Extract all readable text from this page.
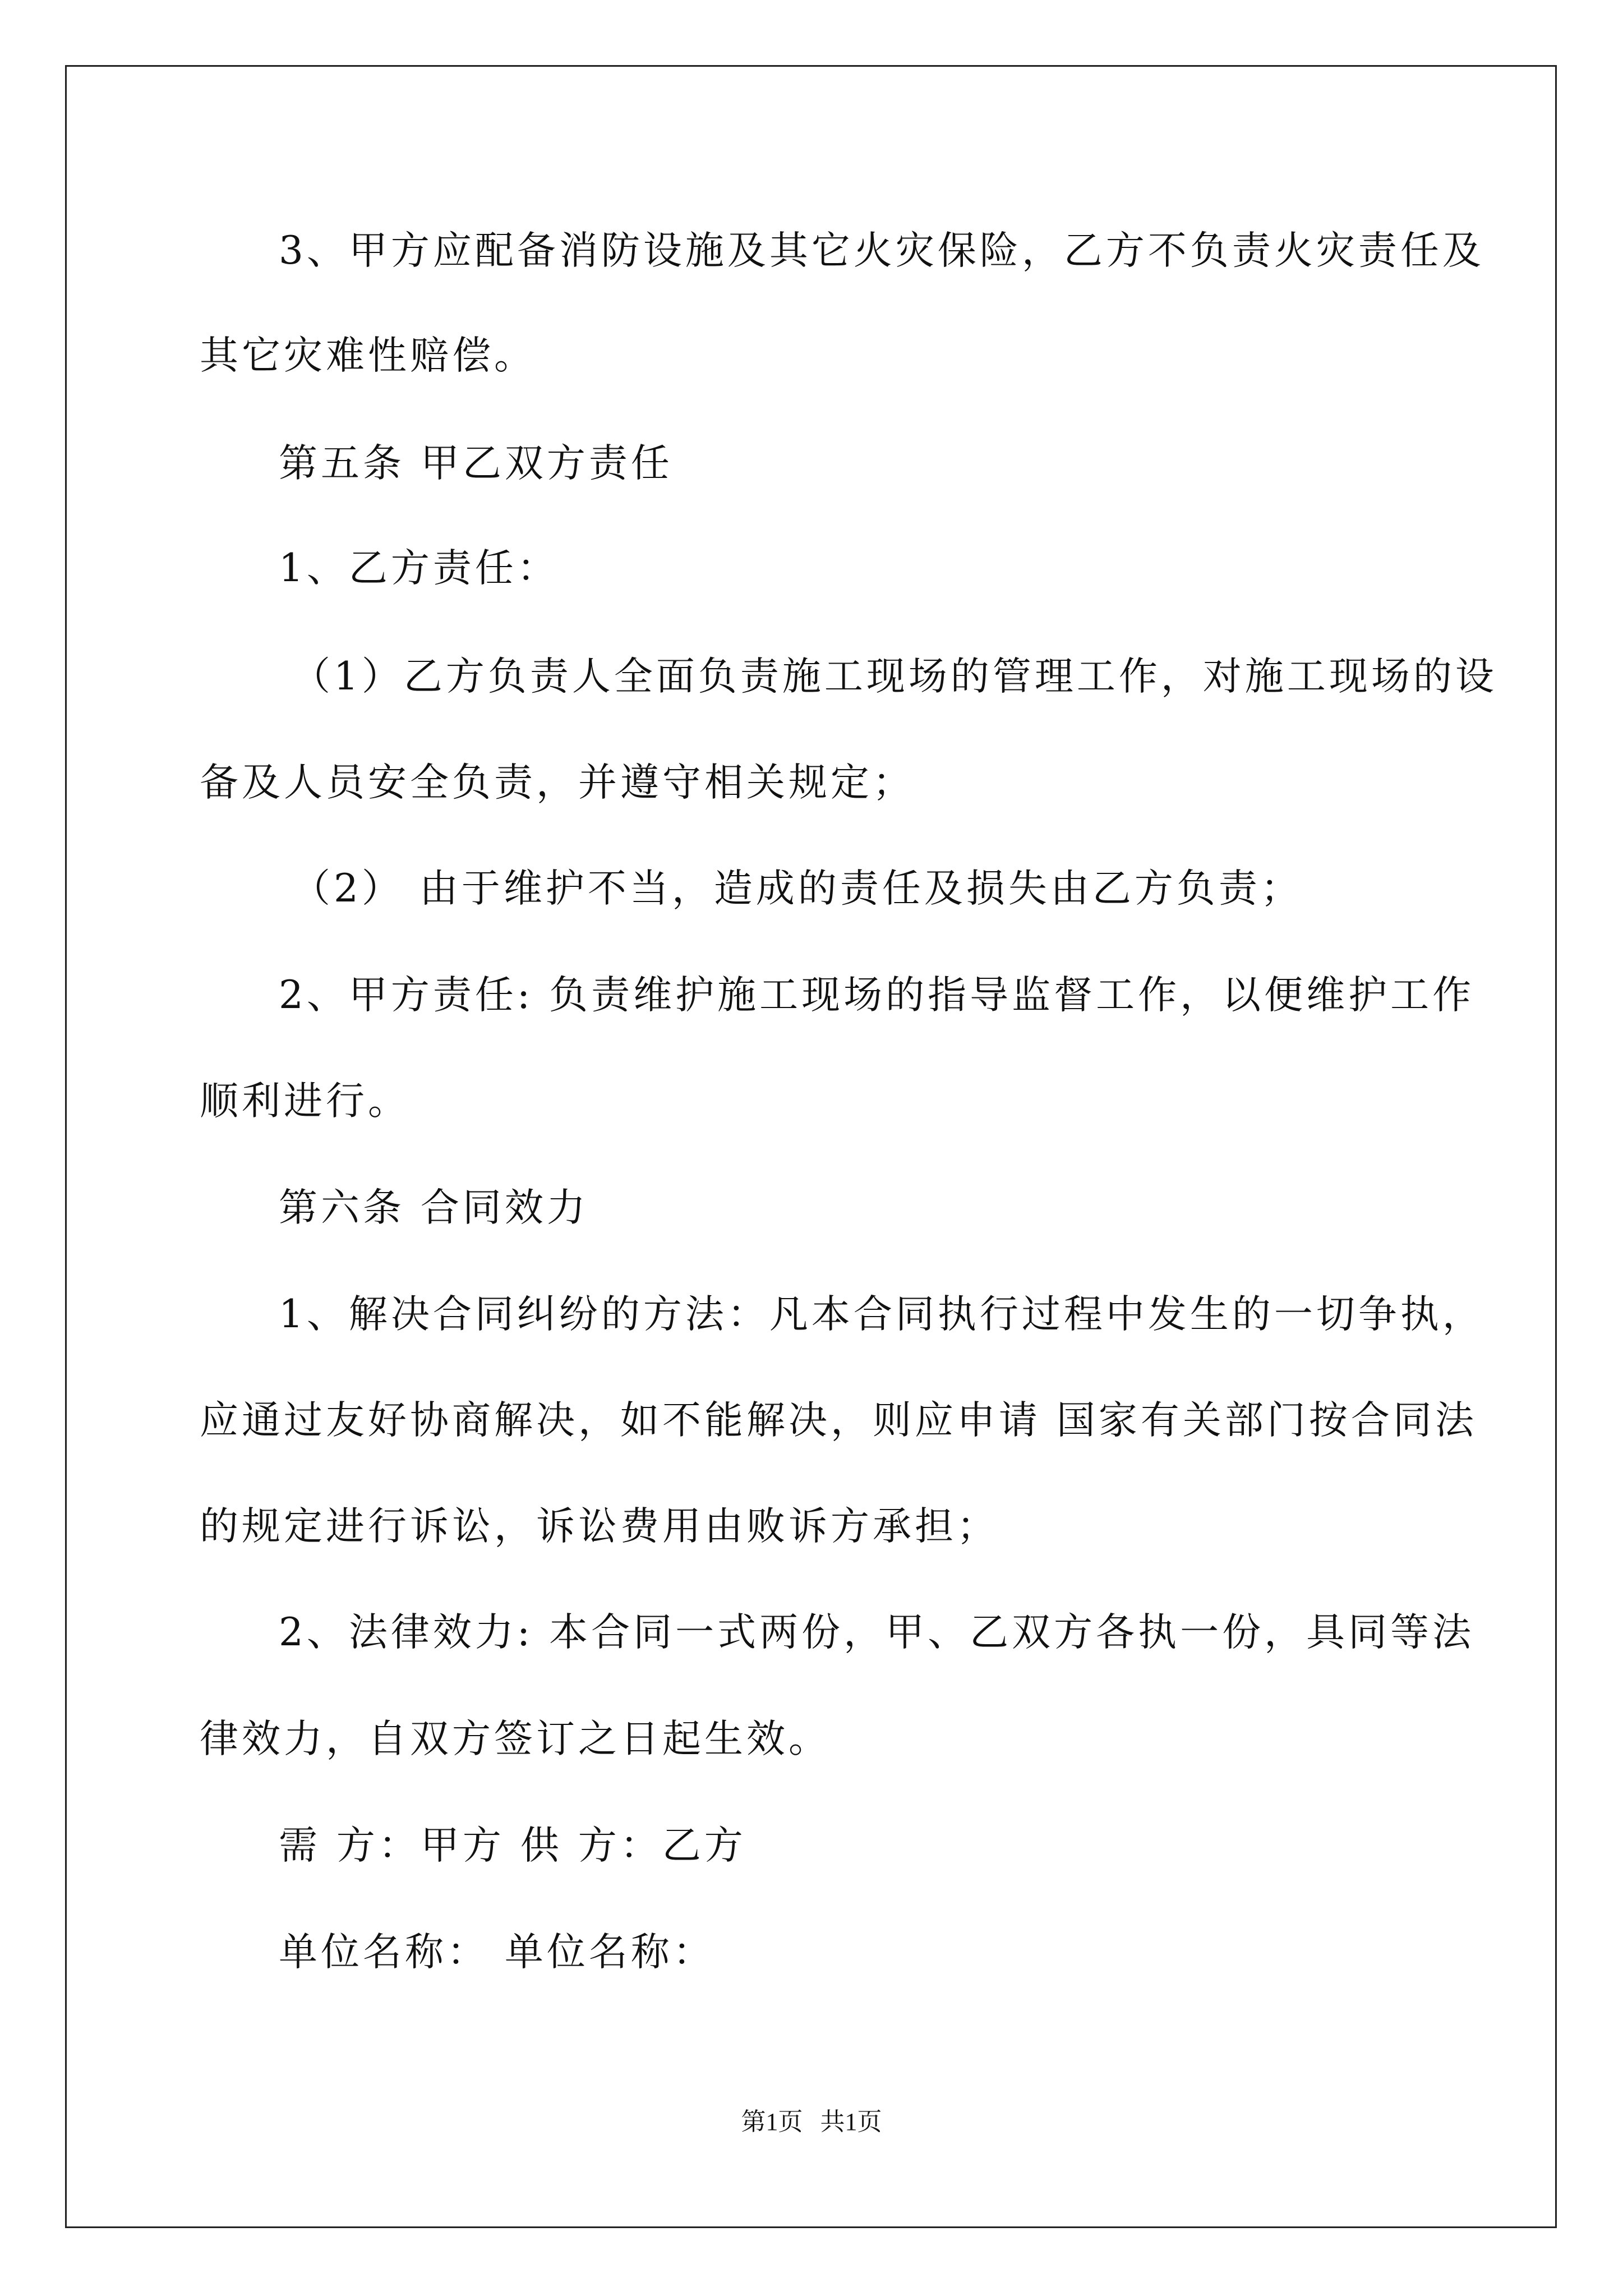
3、甲方应配备消防设施及其它火灾保险，乙方不负责火灾责任及
其它灾难性赔偿。
第五条 甲乙双方责任
1、乙方责任：
（1）乙方负责人全面负责施工现场的管理工作，对施工现场的设
备及人员安全负责，并遵守相关规定；
（2） 由于维护不当，造成的责任及损失由乙方负责；
2、甲方责任: 负责维护施工现场的指导监督工作，以便维护工作
顺利进行。
第六条 合同效力
1、解决合同纠纷的方法：凡本合同执行过程中发生的一切争执，
应通过友好协商解决，如不能解决，则应申请 国家有关部门按合同法
的规定进行诉讼，诉讼费用由败诉方承担；
2、法律效力: 本合同一式两份，甲、乙双方各执一份，具同等法
律效力，自双方签订之日起生效。
需 方：甲方 供 方：乙方
单位名称： 单位名称：
第1页 共1页
